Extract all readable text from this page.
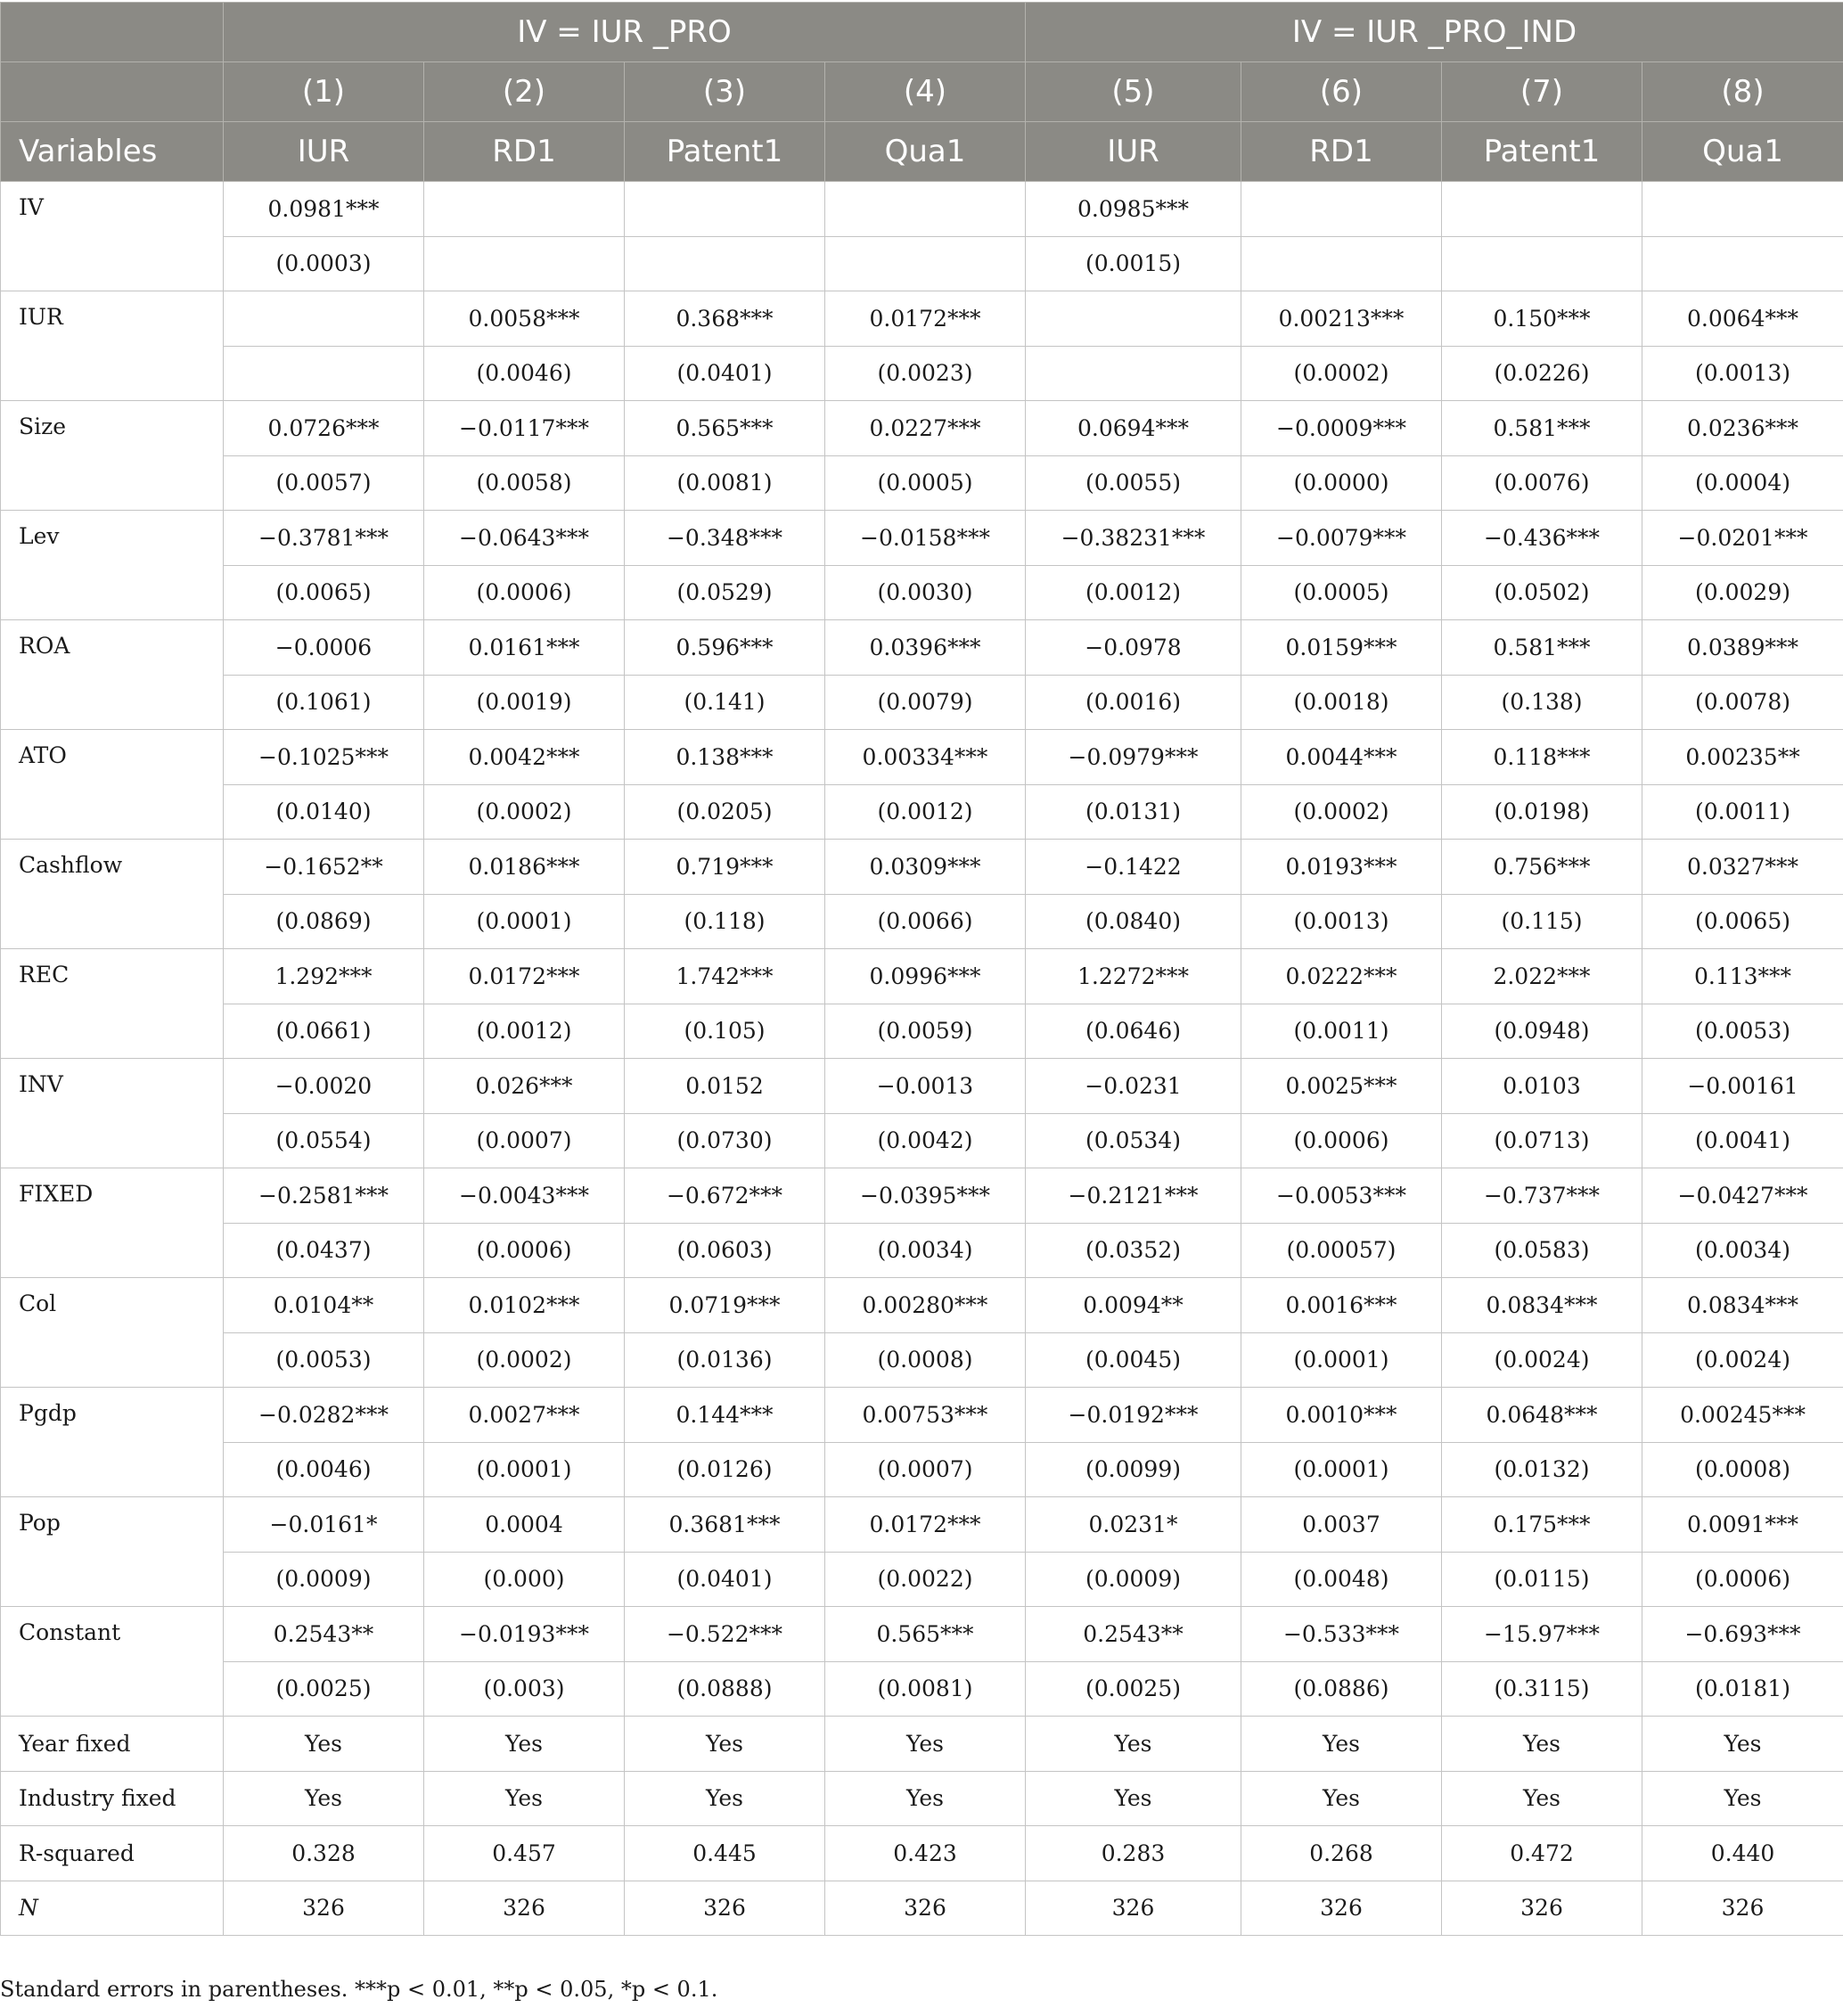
	IV = IUR _PRO				IV = IUR _PRO_IND			
	(1)	(2)	(3)	(4)	(5)	(6)	(7)	(8)
Variables	IUR	RD1	Patent1	Qua1	IUR	RD1	Patent1	Qua1
IV	0.0981***				0.0985***			
	(0.0003)				(0.0015)			
IUR		0.0058***	0.368***	0.0172***		0.00213***	0.150***	0.0064***
		(0.0046)	(0.0401)	(0.0023)		(0.0002)	(0.0226)	(0.0013)
Size	0.0726***	−0.0117***	0.565***	0.0227***	0.0694***	−0.0009***	0.581***	0.0236***
	(0.0057)	(0.0058)	(0.0081)	(0.0005)	(0.0055)	(0.0000)	(0.0076)	(0.0004)
Lev	−0.3781***	−0.0643***	−0.348***	−0.0158***	−0.38231***	−0.0079***	−0.436***	−0.0201***
	(0.0065)	(0.0006)	(0.0529)	(0.0030)	(0.0012)	(0.0005)	(0.0502)	(0.0029)
ROA	−0.0006	0.0161***	0.596***	0.0396***	−0.0978	0.0159***	0.581***	0.0389***
	(0.1061)	(0.0019)	(0.141)	(0.0079)	(0.0016)	(0.0018)	(0.138)	(0.0078)
ATO	−0.1025***	0.0042***	0.138***	0.00334***	−0.0979***	0.0044***	0.118***	0.00235**
	(0.0140)	(0.0002)	(0.0205)	(0.0012)	(0.0131)	(0.0002)	(0.0198)	(0.0011)
Cashflow	−0.1652**	0.0186***	0.719***	0.0309***	−0.1422	0.0193***	0.756***	0.0327***
	(0.0869)	(0.0001)	(0.118)	(0.0066)	(0.0840)	(0.0013)	(0.115)	(0.0065)
REC	1.292***	0.0172***	1.742***	0.0996***	1.2272***	0.0222***	2.022***	0.113***
	(0.0661)	(0.0012)	(0.105)	(0.0059)	(0.0646)	(0.0011)	(0.0948)	(0.0053)
INV	−0.0020	0.026***	0.0152	−0.0013	−0.0231	0.0025***	0.0103	−0.00161
	(0.0554)	(0.0007)	(0.0730)	(0.0042)	(0.0534)	(0.0006)	(0.0713)	(0.0041)
FIXED	−0.2581***	−0.0043***	−0.672***	−0.0395***	−0.2121***	−0.0053***	−0.737***	−0.0427***
	(0.0437)	(0.0006)	(0.0603)	(0.0034)	(0.0352)	(0.00057)	(0.0583)	(0.0034)
Col	0.0104**	0.0102***	0.0719***	0.00280***	0.0094**	0.0016***	0.0834***	0.0834***
	(0.0053)	(0.0002)	(0.0136)	(0.0008)	(0.0045)	(0.0001)	(0.0024)	(0.0024)
Pgdp	−0.0282***	0.0027***	0.144***	0.00753***	−0.0192***	0.0010***	0.0648***	0.00245***
	(0.0046)	(0.0001)	(0.0126)	(0.0007)	(0.0099)	(0.0001)	(0.0132)	(0.0008)
Pop	−0.0161*	0.0004	0.3681***	0.0172***	0.0231*	0.0037	0.175***	0.0091***
	(0.0009)	(0.000)	(0.0401)	(0.0022)	(0.0009)	(0.0048)	(0.0115)	(0.0006)
Constant	0.2543**	−0.0193***	−0.522***	0.565***	0.2543**	−0.533***	−15.97***	−0.693***
	(0.0025)	(0.003)	(0.0888)	(0.0081)	(0.0025)	(0.0886)	(0.3115)	(0.0181)
Year fixed	Yes	Yes	Yes	Yes	Yes	Yes	Yes	Yes
Industry fixed	Yes	Yes	Yes	Yes	Yes	Yes	Yes	Yes
R-squared	0.328	0.457	0.445	0.423	0.283	0.268	0.472	0.440
N	326	326	326	326	326	326	326	326
Standard errors in parentheses. ***p < 0.01, **p < 0.05, *p < 0.1.
